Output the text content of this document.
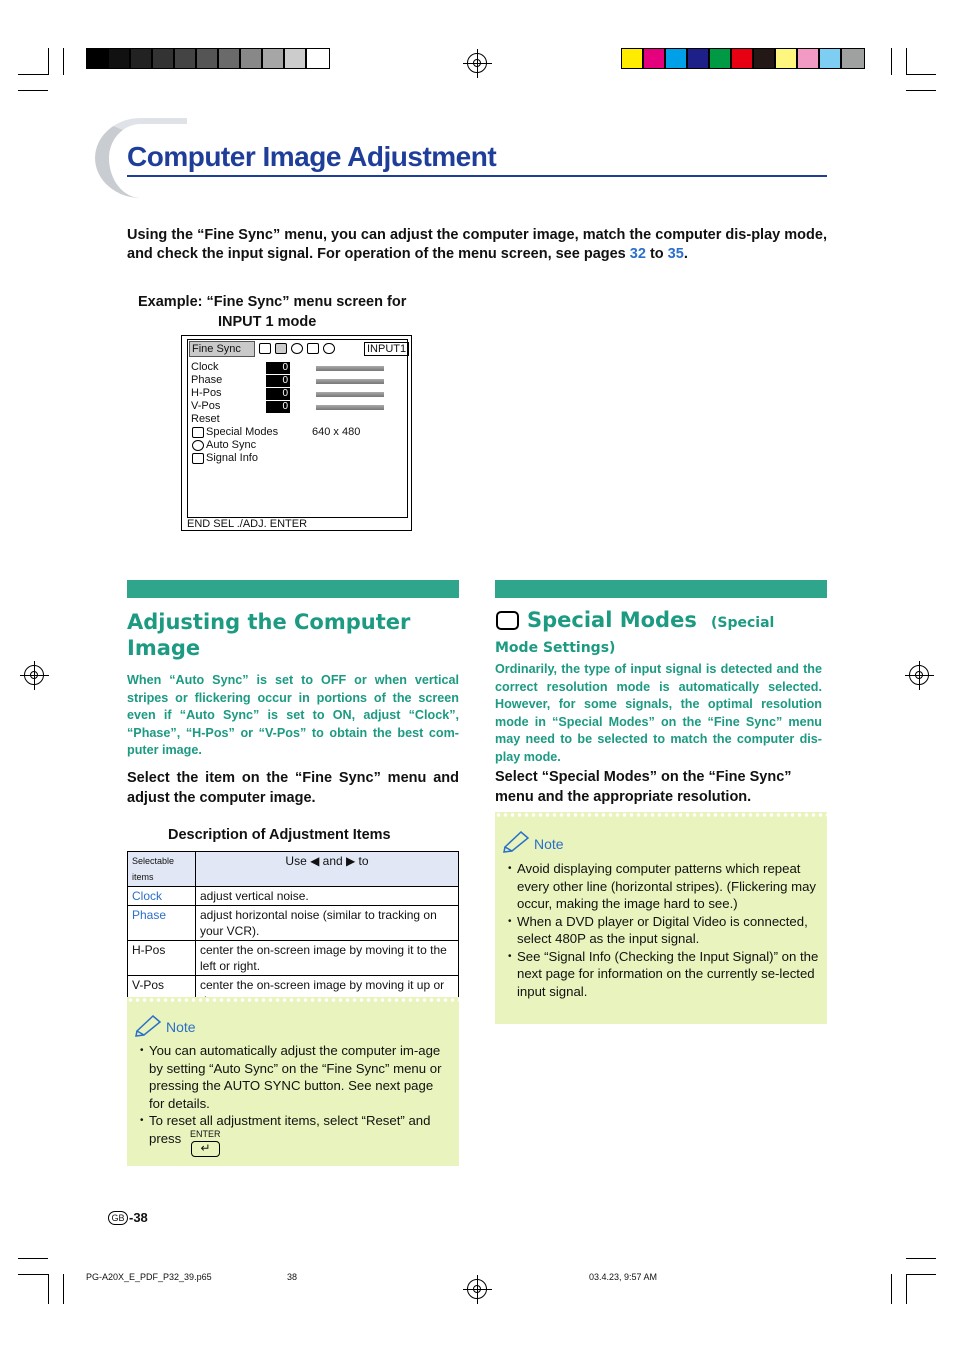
Computer Image Adjustment

Using the “Fine Sync” menu, you can adjust the computer image, match the computer dis-play mode, and check the input signal. For operation of the menu screen, see pages 32 to 35.

Example: “Fine Sync” menu screen for
INPUT 1 mode
Fine Sync	INPUT1
Clock	0
Phase	0
H-Pos	0
V-Pos	0
Reset
Special Modes	640 x 480
Auto Sync
Signal Info
END SEL ./ADJ. ENTER
Adjusting the Computer Image

When “Auto Sync” is set to OFF or when vertical stripes or flickering occur in portions of the screen even if “Auto Sync” is set to ON, adjust “Clock”, “Phase”, “H-Pos” or “V-Pos” to obtain the best com-puter image.

Select the item on the “Fine Sync” menu and adjust the computer image.

Description of Adjustment Items
Selectable items	Use ◀ and ▶ to
Clock	adjust vertical noise.
Phase	adjust horizontal noise (similar to tracking on your VCR).
H-Pos	center the on-screen image by moving it to the left or right.
V-Pos	center the on-screen image by moving it up or
Note
• You can automatically adjust the computer im-age by setting “Auto Sync” on the “Fine Sync” menu or pressing the AUTO SYNC button. See next page for details.
• To reset all adjustment items, select “Reset” and press ENTER
↵
Special Modes (Special
Mode Settings)

Ordinarily, the type of input signal is detected and the correct resolution mode is automatically selected. However, for some signals, the optimal resolution mode in “Special Modes” on the “Fine Sync” menu may need to be selected to match the computer dis-play mode.

Select “Special Modes” on the “Fine Sync” menu and the appropriate resolution.

Note
• Avoid displaying computer patterns which repeat every other line (horizontal stripes). (Flickering may occur, making the image hard to see.)
• When a DVD player or Digital Video is connected, select 480P as the input signal.
• See “Signal Info (Checking the Input Signal)” on the next page for information on the currently se-lected input signal.
GB -38
PG-A20X_E_PDF_P32_39.p65	38	03.4.23, 9:57 AM
